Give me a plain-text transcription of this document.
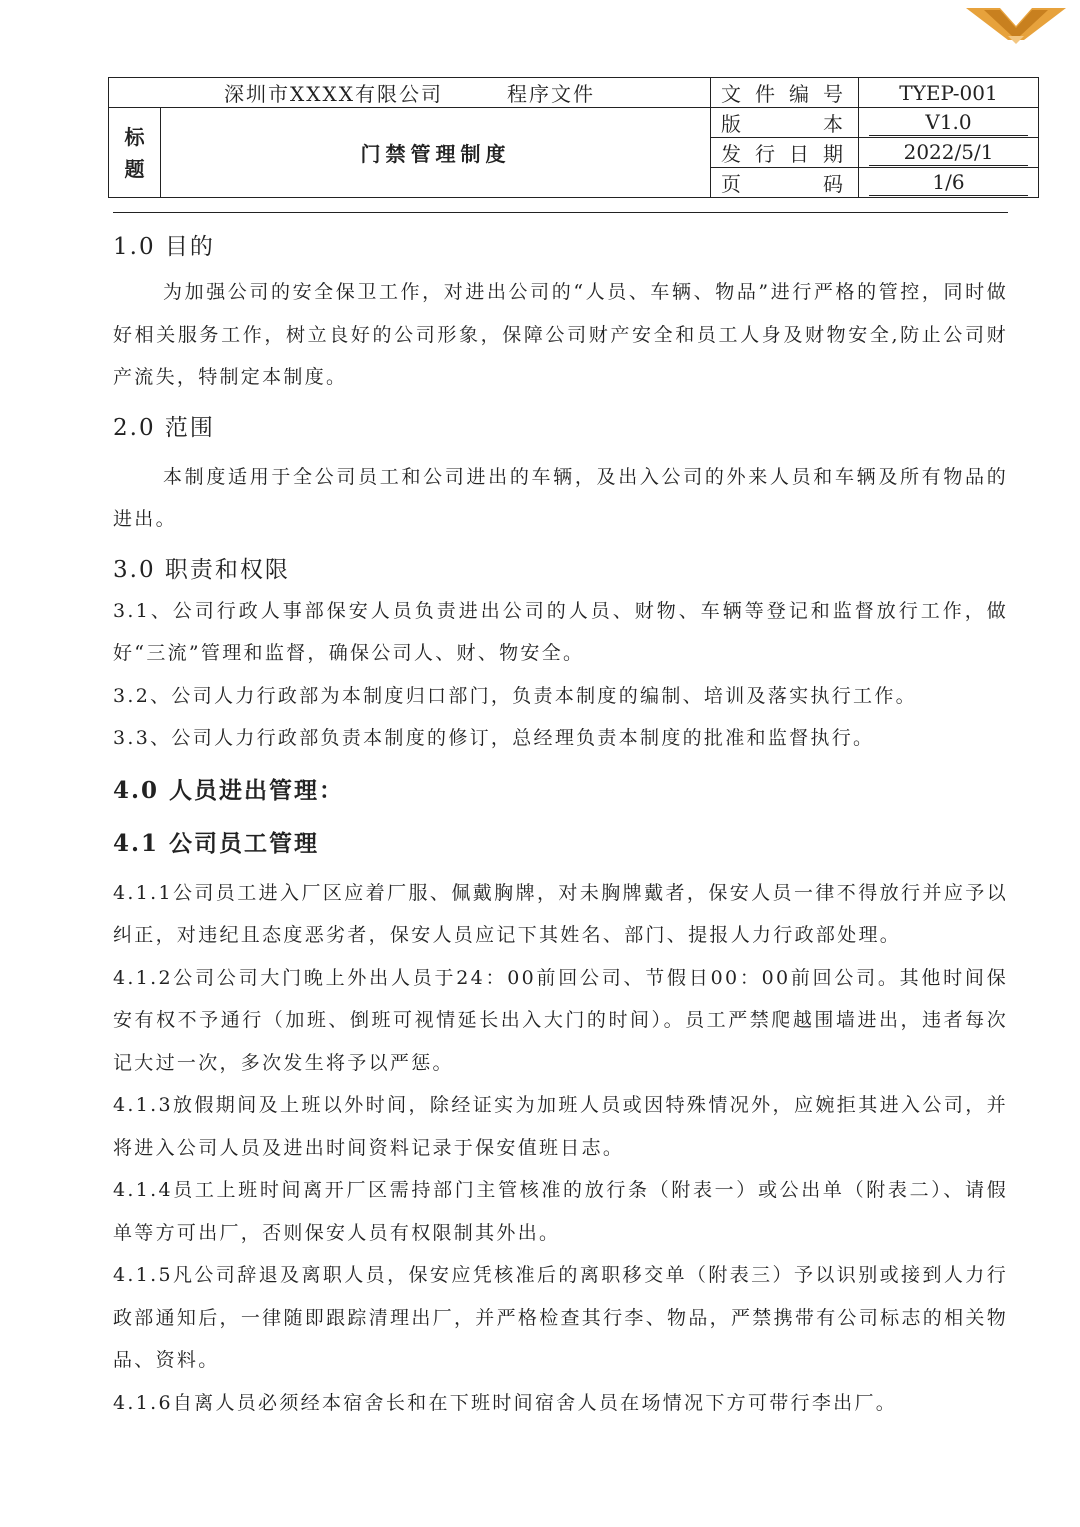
深圳市XXXX有限公司 程序文件		文 件 编 号	TYEP-001
标
题	门禁管理制度	版 本	V1.0

		发 行 日 期	2022/5/1

		页 码	1/6

1.0 目的

为加强公司的安全保卫工作，对进出公司的“人员、车辆、物品”进行严格的管控，同时做好相关服务工作，树立良好的公司形象，保障公司财产安全和员工人身及财物安全,防止公司财产流失，特制定本制度。

2.0 范围

本制度适用于全公司员工和公司进出的车辆，及出入公司的外来人员和车辆及所有物品的进出。

3.0 职责和权限

3.1、公司行政人事部保安人员负责进出公司的人员、财物、车辆等登记和监督放行工作，做好“三流”管理和监督，确保公司人、财、物安全。

3.2、公司人力行政部为本制度归口部门，负责本制度的编制、培训及落实执行工作。

3.3、公司人力行政部负责本制度的修订，总经理负责本制度的批准和监督执行。

4.0 人员进出管理：

4.1 公司员工管理

4.1.1公司员工进入厂区应着厂服、佩戴胸牌，对未胸牌戴者，保安人员一律不得放行并应予以纠正，对违纪且态度恶劣者，保安人员应记下其姓名、部门、提报人力行政部处理。

4.1.2公司公司大门晚上外出人员于24：00前回公司、节假日00：00前回公司。其他时间保安有权不予通行（加班、倒班可视情延长出入大门的时间）。员工严禁爬越围墙进出，违者每次记大过一次，多次发生将予以严惩。

4.1.3放假期间及上班以外时间，除经证实为加班人员或因特殊情况外，应婉拒其进入公司，并将进入公司人员及进出时间资料记录于保安值班日志。

4.1.4员工上班时间离开厂区需持部门主管核准的放行条（附表一）或公出单（附表二）、请假单等方可出厂，否则保安人员有权限制其外出。

4.1.5凡公司辞退及离职人员，保安应凭核准后的离职移交单（附表三）予以识别或接到人力行政部通知后，一律随即跟踪清理出厂，并严格检查其行李、物品，严禁携带有公司标志的相关物品、资料。

4.1.6自离人员必须经本宿舍长和在下班时间宿舍人员在场情况下方可带行李出厂。
